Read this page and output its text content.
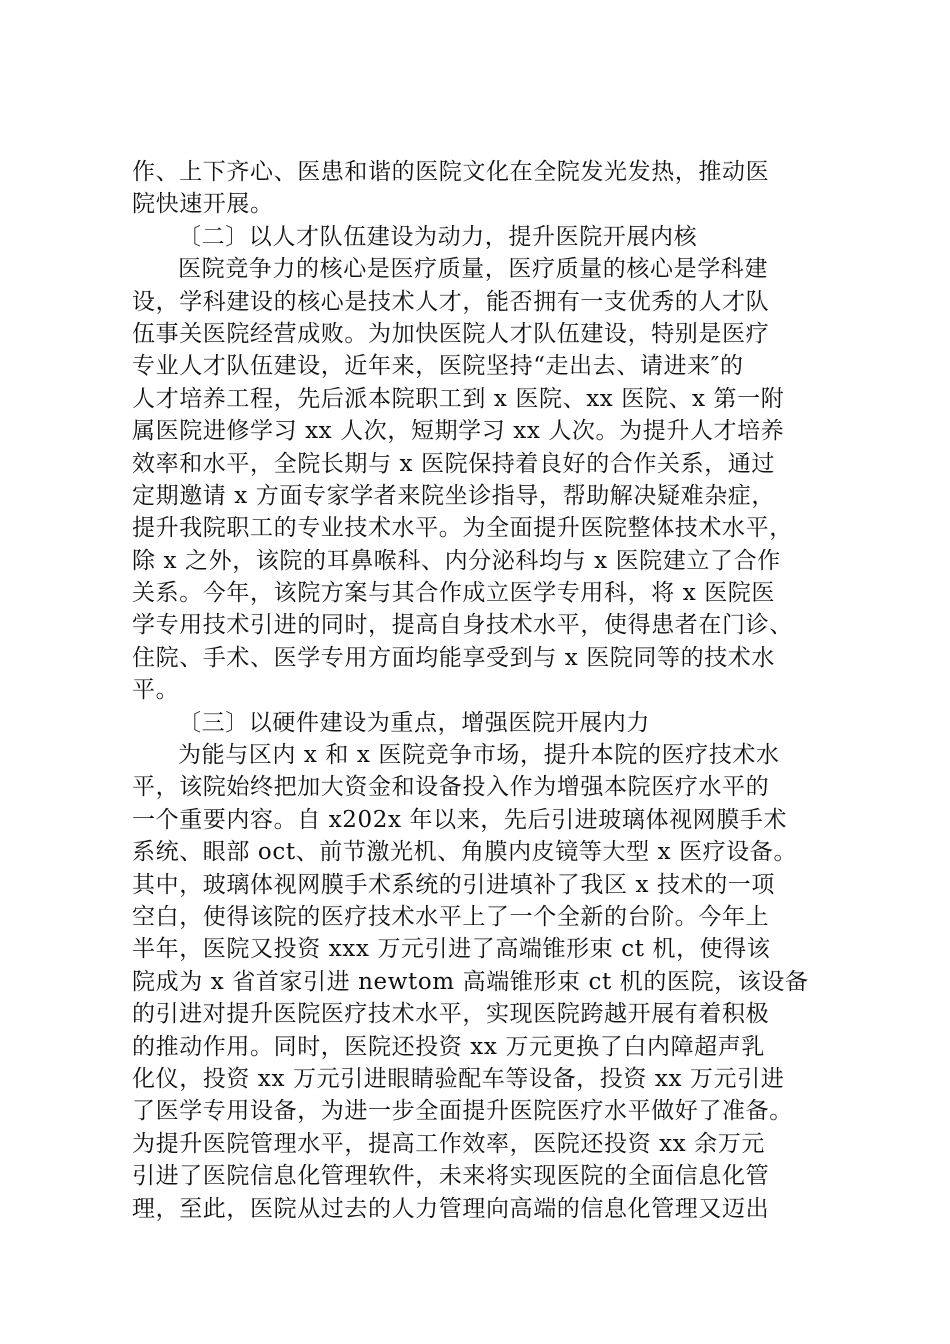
作、上下齐心、医患和谐的医院文化在全院发光发热，推动医
院快速开展。
〔二〕以人才队伍建设为动力，提升医院开展内核
医院竞争力的核心是医疗质量，医疗质量的核心是学科建
设，学科建设的核心是技术人才，能否拥有一支优秀的人才队
伍事关医院经营成败。为加快医院人才队伍建设，特别是医疗
专业人才队伍建设，近年来，医院坚持“走出去、请进来″的
人才培养工程，先后派本院职工到 x 医院、xx 医院、x 第一附
属医院进修学习 xx 人次，短期学习 xx 人次。为提升人才培养
效率和水平，全院长期与 x 医院保持着良好的合作关系，通过
定期邀请 x 方面专家学者来院坐诊指导，帮助解决疑难杂症，
提升我院职工的专业技术水平。为全面提升医院整体技术水平，
除 x 之外，该院的耳鼻喉科、内分泌科均与 x 医院建立了合作
关系。今年，该院方案与其合作成立医学专用科，将 x 医院医
学专用技术引进的同时，提高自身技术水平，使得患者在门诊、
住院、手术、医学专用方面均能享受到与 x 医院同等的技术水
平。
〔三〕以硬件建设为重点，增强医院开展内力
为能与区内 x 和 x 医院竞争市场，提升本院的医疗技术水
平，该院始终把加大资金和设备投入作为增强本院医疗水平的
一个重要内容。自 x202x 年以来，先后引进玻璃体视网膜手术
系统、眼部 oct、前节激光机、角膜内皮镜等大型 x 医疗设备。
其中，玻璃体视网膜手术系统的引进填补了我区 x 技术的一项
空白，使得该院的医疗技术水平上了一个全新的台阶。今年上
半年，医院又投资 xxx 万元引进了高端锥形束 ct 机，使得该
院成为 x 省首家引进 newtom 高端锥形束 ct 机的医院，该设备
的引进对提升医院医疗技术水平，实现医院跨越开展有着积极
的推动作用。同时，医院还投资 xx 万元更换了白内障超声乳
化仪，投资 xx 万元引进眼睛验配车等设备，投资 xx 万元引进
了医学专用设备，为进一步全面提升医院医疗水平做好了准备。
为提升医院管理水平，提高工作效率，医院还投资 xx 余万元
引进了医院信息化管理软件，未来将实现医院的全面信息化管
理，至此，医院从过去的人力管理向高端的信息化管理又迈出
